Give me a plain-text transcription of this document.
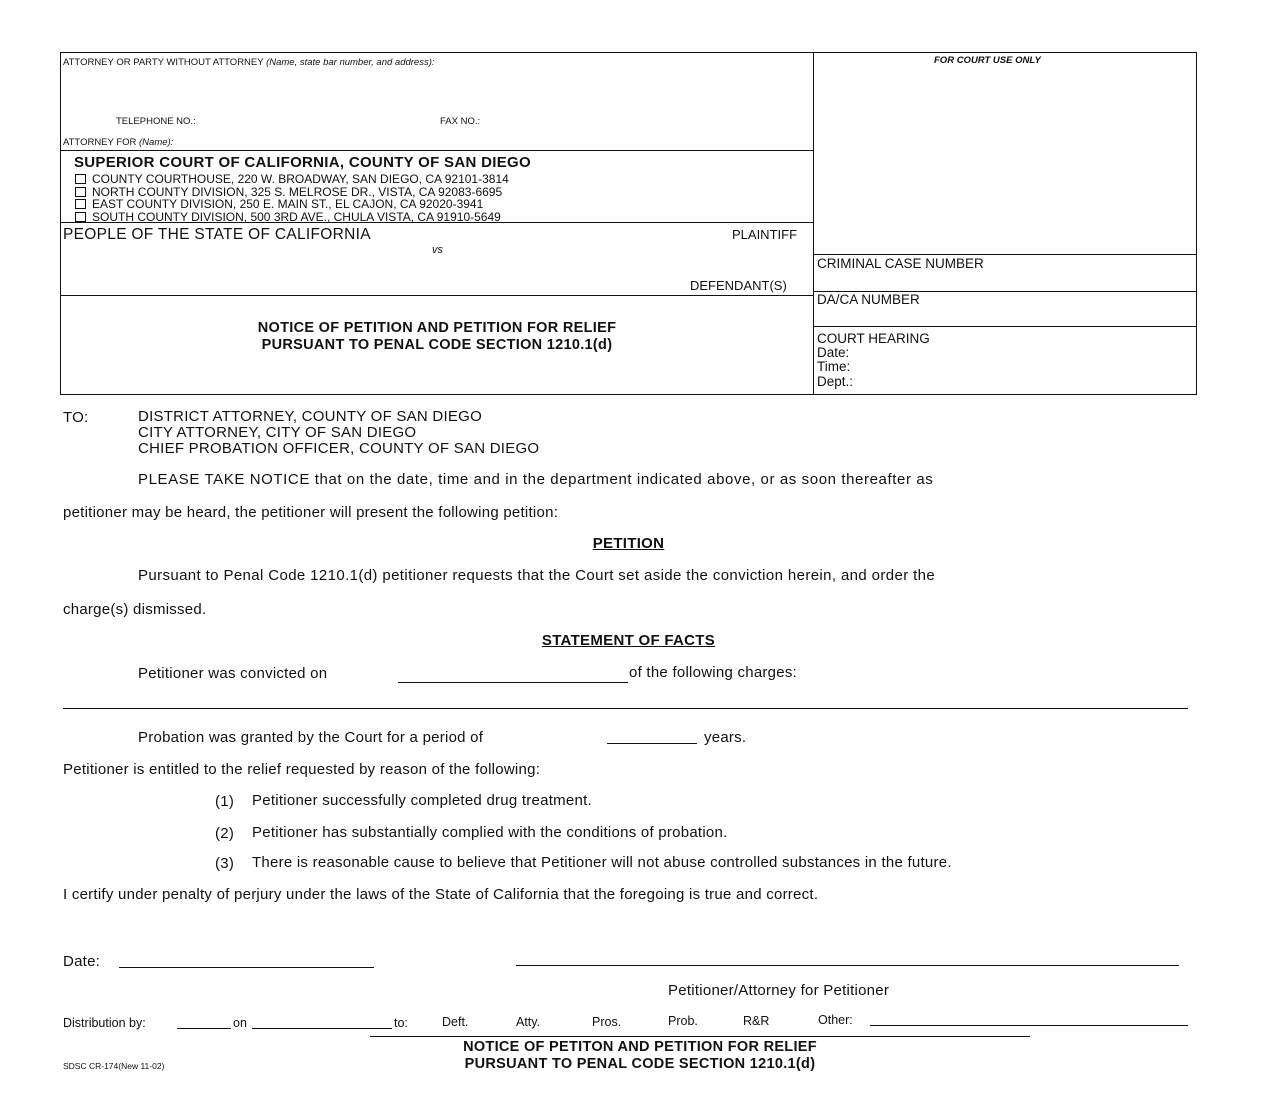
ATTORNEY OR PARTY WITHOUT ATTORNEY (Name, state bar number, and address):
TELEPHONE NO.:	FAX NO.:
ATTORNEY FOR (Name):
SUPERIOR COURT OF CALIFORNIA, COUNTY OF SAN DIEGO
COUNTY COURTHOUSE, 220 W. BROADWAY, SAN DIEGO, CA 92101-3814
NORTH COUNTY DIVISION, 325 S. MELROSE DR., VISTA, CA 92083-6695
EAST COUNTY DIVISION, 250 E. MAIN ST., EL CAJON, CA 92020-3941
SOUTH COUNTY DIVISION, 500 3RD AVE., CHULA VISTA, CA 91910-5649
PEOPLE OF THE STATE OF CALIFORNIA	PLAINTIFF
vs
DEFENDANT(S)
NOTICE OF PETITION AND PETITION FOR RELIEF
PURSUANT TO PENAL CODE SECTION 1210.1(d)
FOR COURT USE ONLY
CRIMINAL CASE NUMBER
DA/CA NUMBER
COURT HEARING
Date:
Time:
Dept.:
TO:	DISTRICT ATTORNEY, COUNTY OF SAN DIEGO
CITY ATTORNEY, CITY OF SAN DIEGO
CHIEF PROBATION OFFICER, COUNTY OF SAN DIEGO
PLEASE TAKE NOTICE that on the date, time and in the department indicated above, or as soon thereafter as
petitioner may be heard, the petitioner will present the following petition:
PETITION
Pursuant to Penal Code 1210.1(d) petitioner requests that the Court set aside the conviction herein, and order the
charge(s) dismissed.
STATEMENT OF FACTS
Petitioner was convicted on	of the following charges:
Probation was granted by the Court for a period of	years.
Petitioner is entitled to the relief requested by reason of the following:
(1) Petitioner successfully completed drug treatment.
(2) Petitioner has substantially complied with the conditions of probation.
(3) There is reasonable cause to believe that Petitioner will not abuse controlled substances in the future.
I certify under penalty of perjury under the laws of the State of California that the foregoing is true and correct.
Date:
Petitioner/Attorney for Petitioner
Distribution by:	on	to:	Deft.	Atty.	Pros.	Prob.	R&R	Other:
SDSC CR-174(New 11-02)
NOTICE OF PETITON AND PETITION FOR RELIEF
PURSUANT TO PENAL CODE SECTION 1210.1(d)
